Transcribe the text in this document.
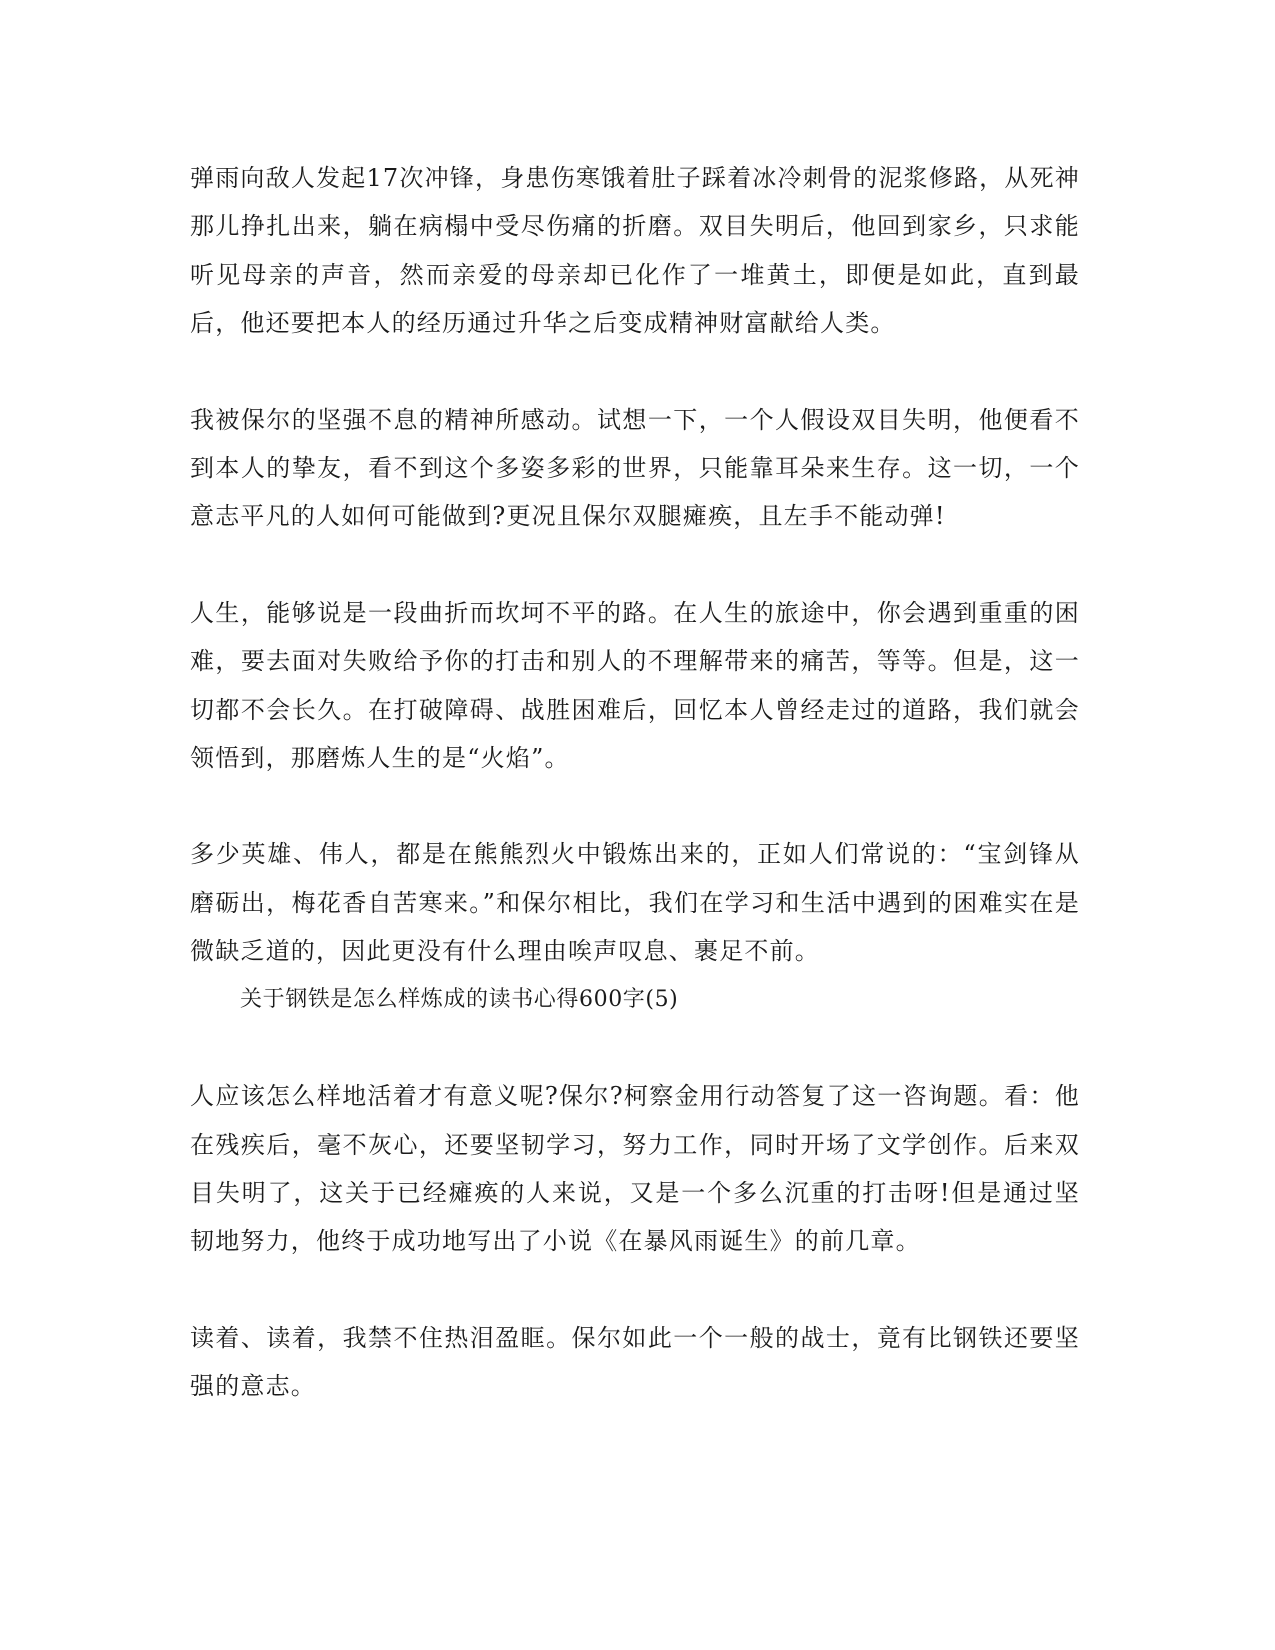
弹雨向敌人发起17次冲锋，身患伤寒饿着肚子踩着冰冷刺骨的泥浆修路，从死神那儿挣扎出来，躺在病榻中受尽伤痛的折磨。双目失明后，他回到家乡，只求能听见母亲的声音，然而亲爱的母亲却已化作了一堆黄土，即便是如此，直到最后，他还要把本人的经历通过升华之后变成精神财富献给人类。

我被保尔的坚强不息的精神所感动。试想一下，一个人假设双目失明，他便看不到本人的挚友，看不到这个多姿多彩的世界，只能靠耳朵来生存。这一切，一个意志平凡的人如何可能做到?更况且保尔双腿瘫痪，且左手不能动弹!

人生，能够说是一段曲折而坎坷不平的路。在人生的旅途中，你会遇到重重的困难，要去面对失败给予你的打击和别人的不理解带来的痛苦，等等。但是，这一切都不会长久。在打破障碍、战胜困难后，回忆本人曾经走过的道路，我们就会领悟到，那磨炼人生的是“火焰”。

多少英雄、伟人，都是在熊熊烈火中锻炼出来的，正如人们常说的：“宝剑锋从磨砺出，梅花香自苦寒来。”和保尔相比，我们在学习和生活中遇到的困难实在是微缺乏道的，因此更没有什么理由唉声叹息、裹足不前。

关于钢铁是怎么样炼成的读书心得600字(5)

人应该怎么样地活着才有意义呢?保尔?柯察金用行动答复了这一咨询题。看：他在残疾后，毫不灰心，还要坚韧学习，努力工作，同时开场了文学创作。后来双目失明了，这关于已经瘫痪的人来说，又是一个多么沉重的打击呀!但是通过坚韧地努力，他终于成功地写出了小说《在暴风雨诞生》的前几章。

读着、读着，我禁不住热泪盈眶。保尔如此一个一般的战士，竟有比钢铁还要坚强的意志。
